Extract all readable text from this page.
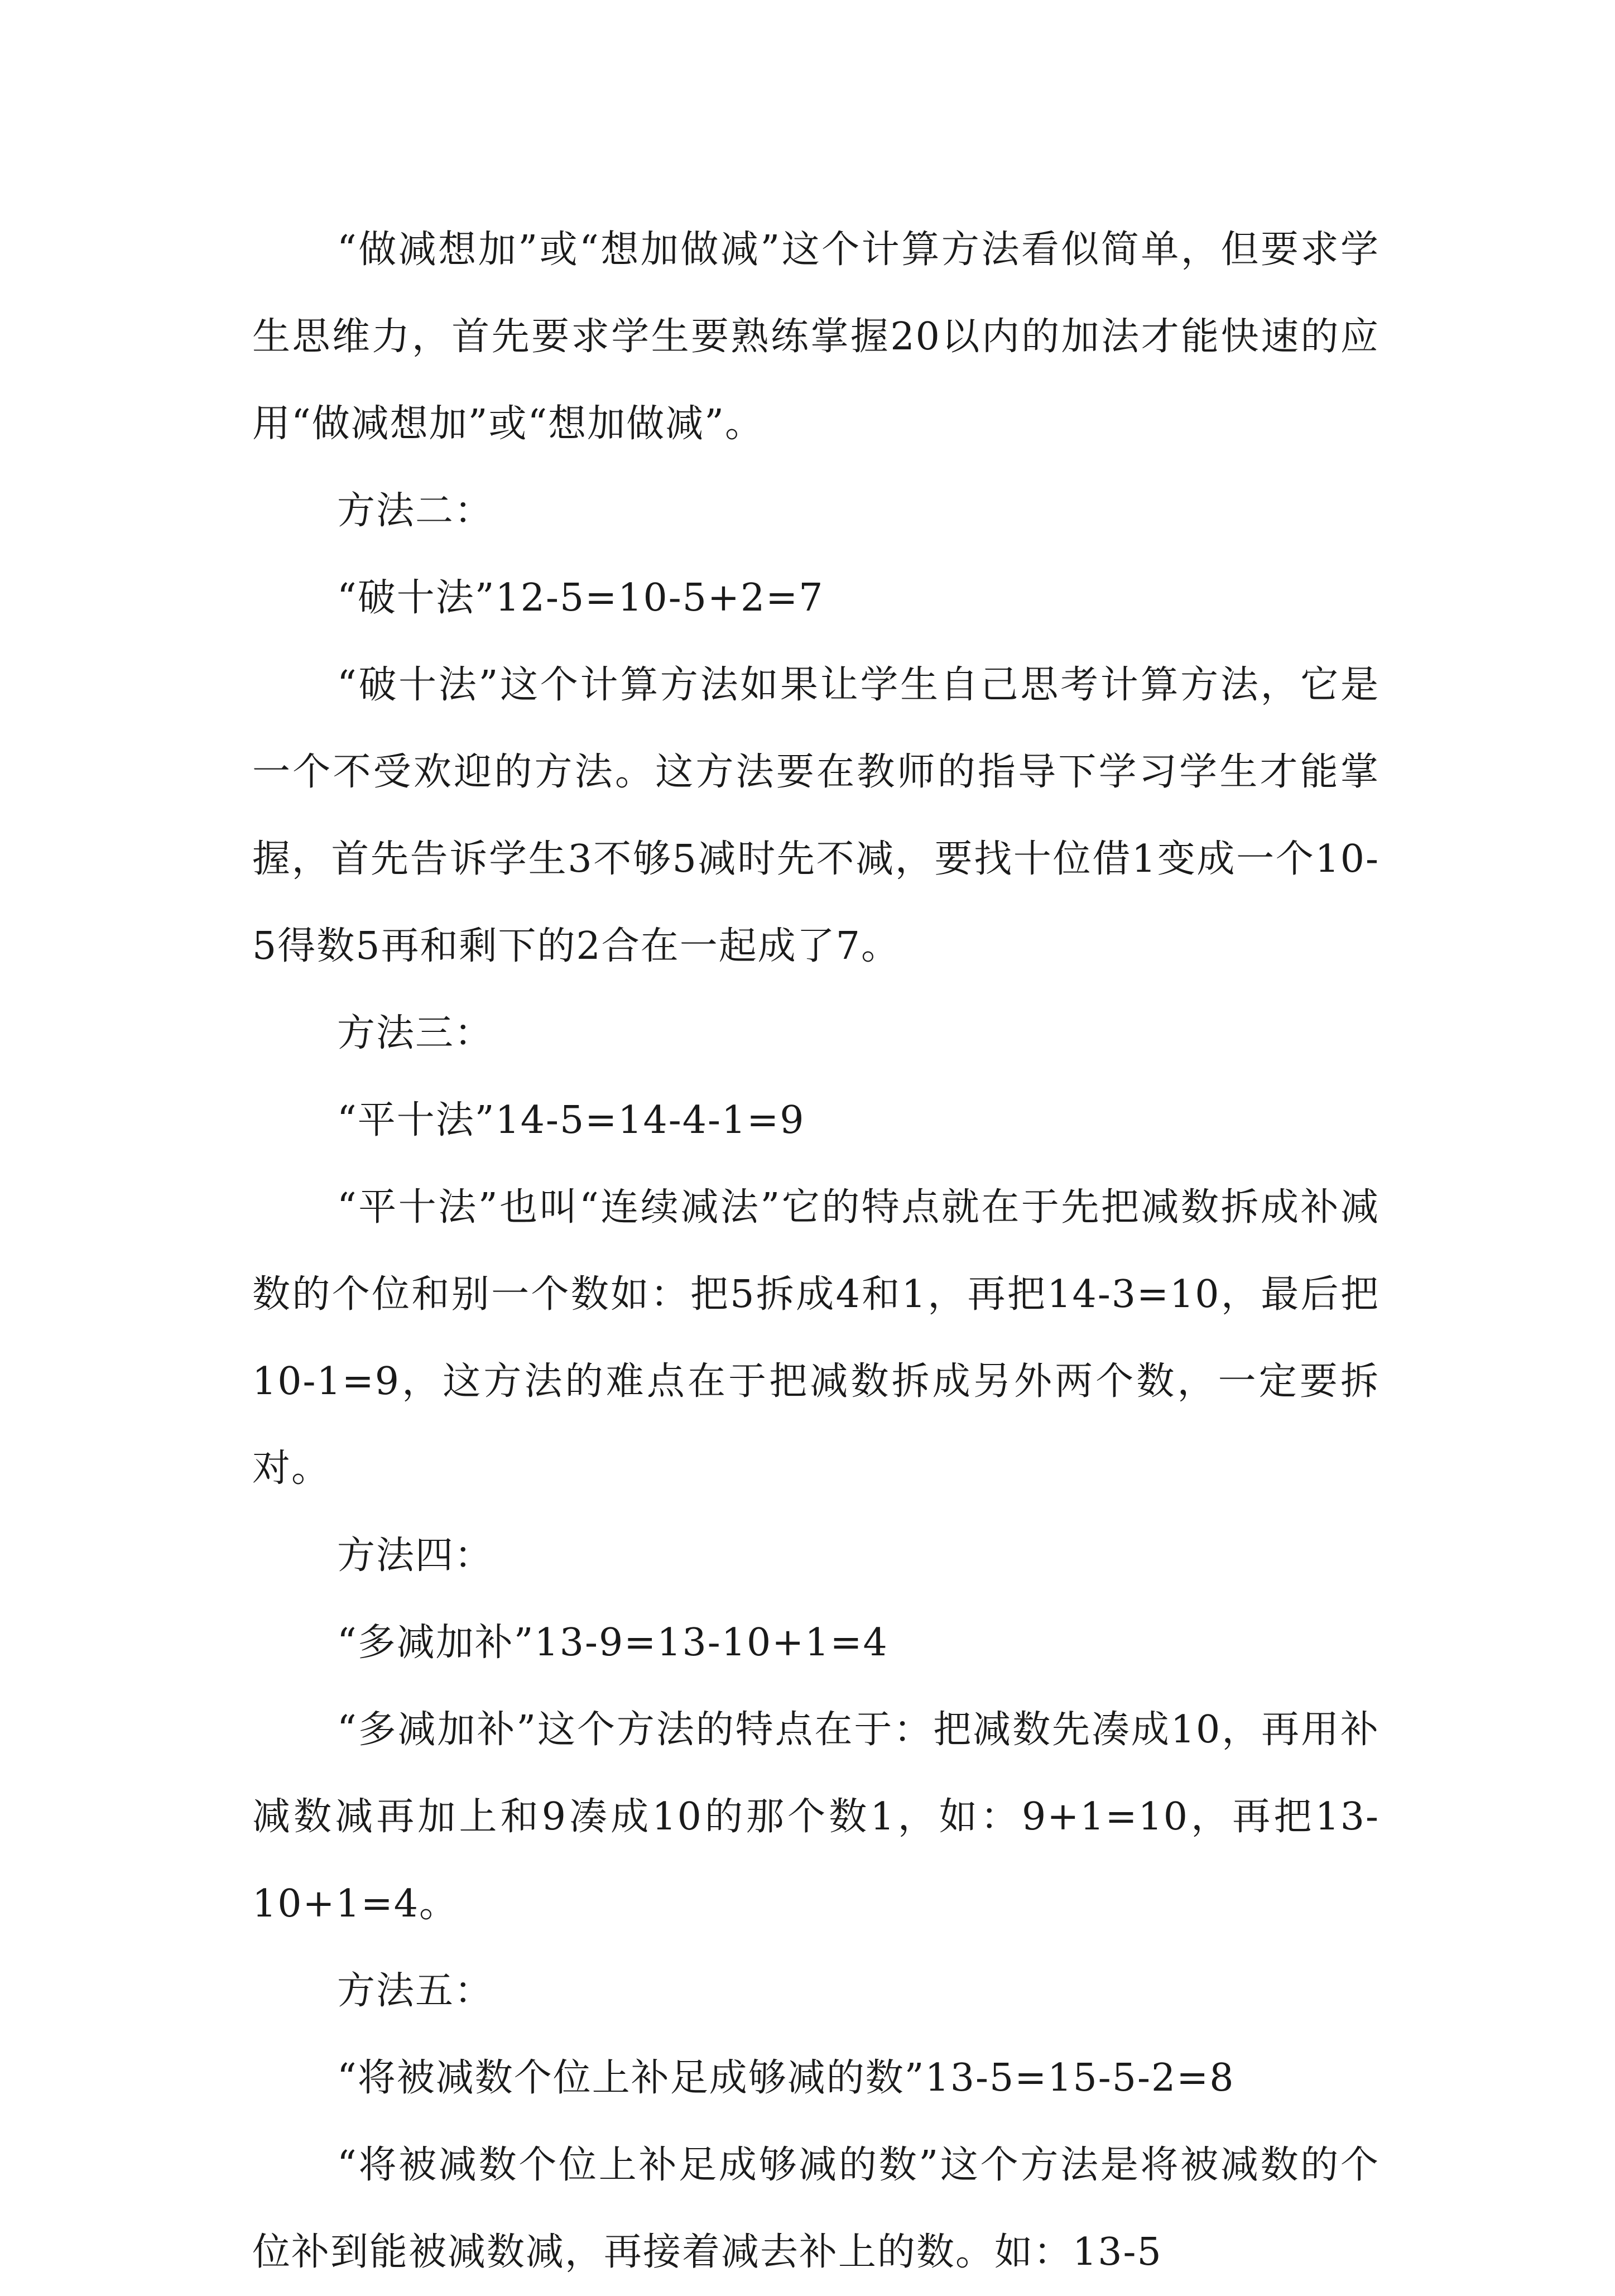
“做减想加”或“想加做减”这个计算方法看似简单，但要求学生思维力，首先要求学生要熟练掌握20以内的加法才能快速的应用“做减想加”或“想加做减”。

方法二：

“破十法”12-5=10-5+2=7

“破十法”这个计算方法如果让学生自己思考计算方法，它是一个不受欢迎的方法。这方法要在教师的指导下学习学生才能掌握，首先告诉学生3不够5减时先不减，要找十位借1变成一个10-5得数5再和剩下的2合在一起成了7。

方法三：

“平十法”14-5=14-4-1=9

“平十法”也叫“连续减法”它的特点就在于先把减数拆成补减数的个位和别一个数如：把5拆成4和1，再把14-3=10，最后把10-1=9，这方法的难点在于把减数拆成另外两个数，一定要拆对。

方法四：

“多减加补”13-9=13-10+1=4

“多减加补”这个方法的特点在于：把减数先凑成10，再用补减数减再加上和9凑成10的那个数1，如：9+1=10，再把13-10+1=4。

方法五：

“将被减数个位上补足成够减的数”13-5=15-5-2=8

“将被减数个位上补足成够减的数”这个方法是将被减数的个位补到能被减数减，再接着减去补上的数。如：13-5
